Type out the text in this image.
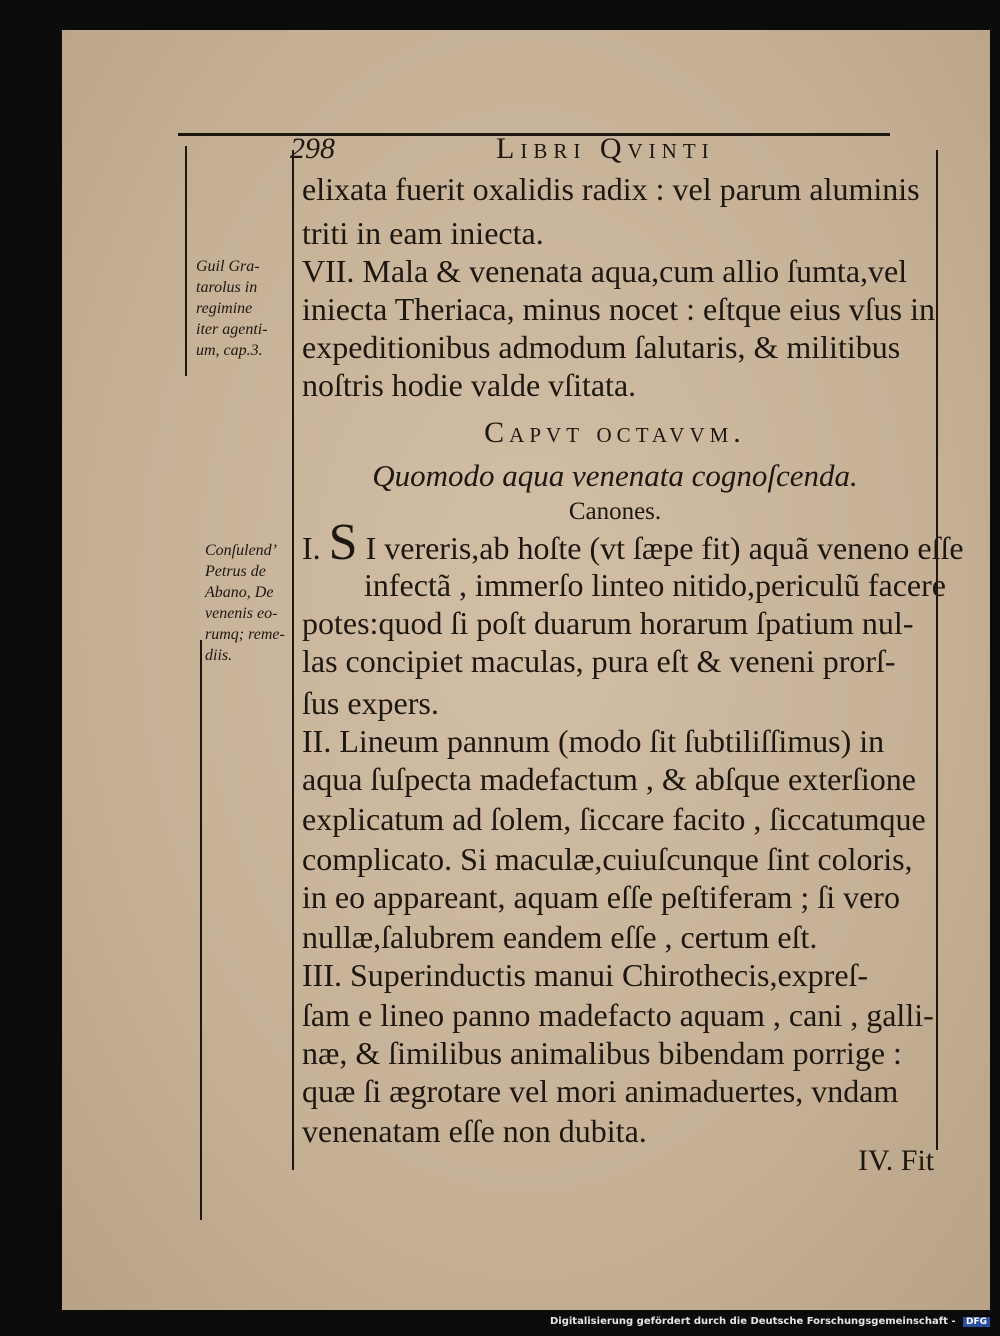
298	Libri Qvinti
Guil Gra-
tarolus in
regimine
iter agenti-
um, cap.3.
Conſulend’
Petrus de
Abano, De
venenis eo-
rumq; reme-
diis.
elixata fuerit oxalidis radix : vel parum aluminis
triti in eam iniecta.
VII. Mala & venenata aqua,cum allio ſumta,vel
iniecta Theriaca, minus nocet : eſtque eius vſus in
expeditionibus admodum ſalutaris, & militibus
noſtris hodie valde vſitata.
Capvt octavvm.
Quomodo aqua venenata cognoſcenda.
Canones.
I. S I vereris,ab hoſte (vt ſæpe fit) aquã veneno eſſe
infectã , immerſo linteo nitido,periculũ facere
potes:quod ſi poſt duarum horarum ſpatium nul-
las concipiet maculas, pura eſt & veneni prorſ-
ſus expers.
II. Lineum pannum (modo ſit ſubtiliſſimus) in
aqua ſuſpecta madefactum , & abſque exterſione
explicatum ad ſolem, ſiccare facito , ſiccatumque
complicato. Si maculæ,cuiuſcunque ſint coloris,
in eo appareant, aquam eſſe peſtiferam ; ſi vero
nullæ,ſalubrem eandem eſſe , certum eſt.
III. Superinductis manui Chirothecis,expreſ-
ſam e lineo panno madefacto aquam , cani , galli-
næ, & ſimilibus animalibus bibendam porrige :
quæ ſi ægrotare vel mori animaduertes, vndam
venenatam eſſe non dubita.
IV. Fit
Digitalisierung gefördert durch die Deutsche Forschungsgemeinschaft - DFG
